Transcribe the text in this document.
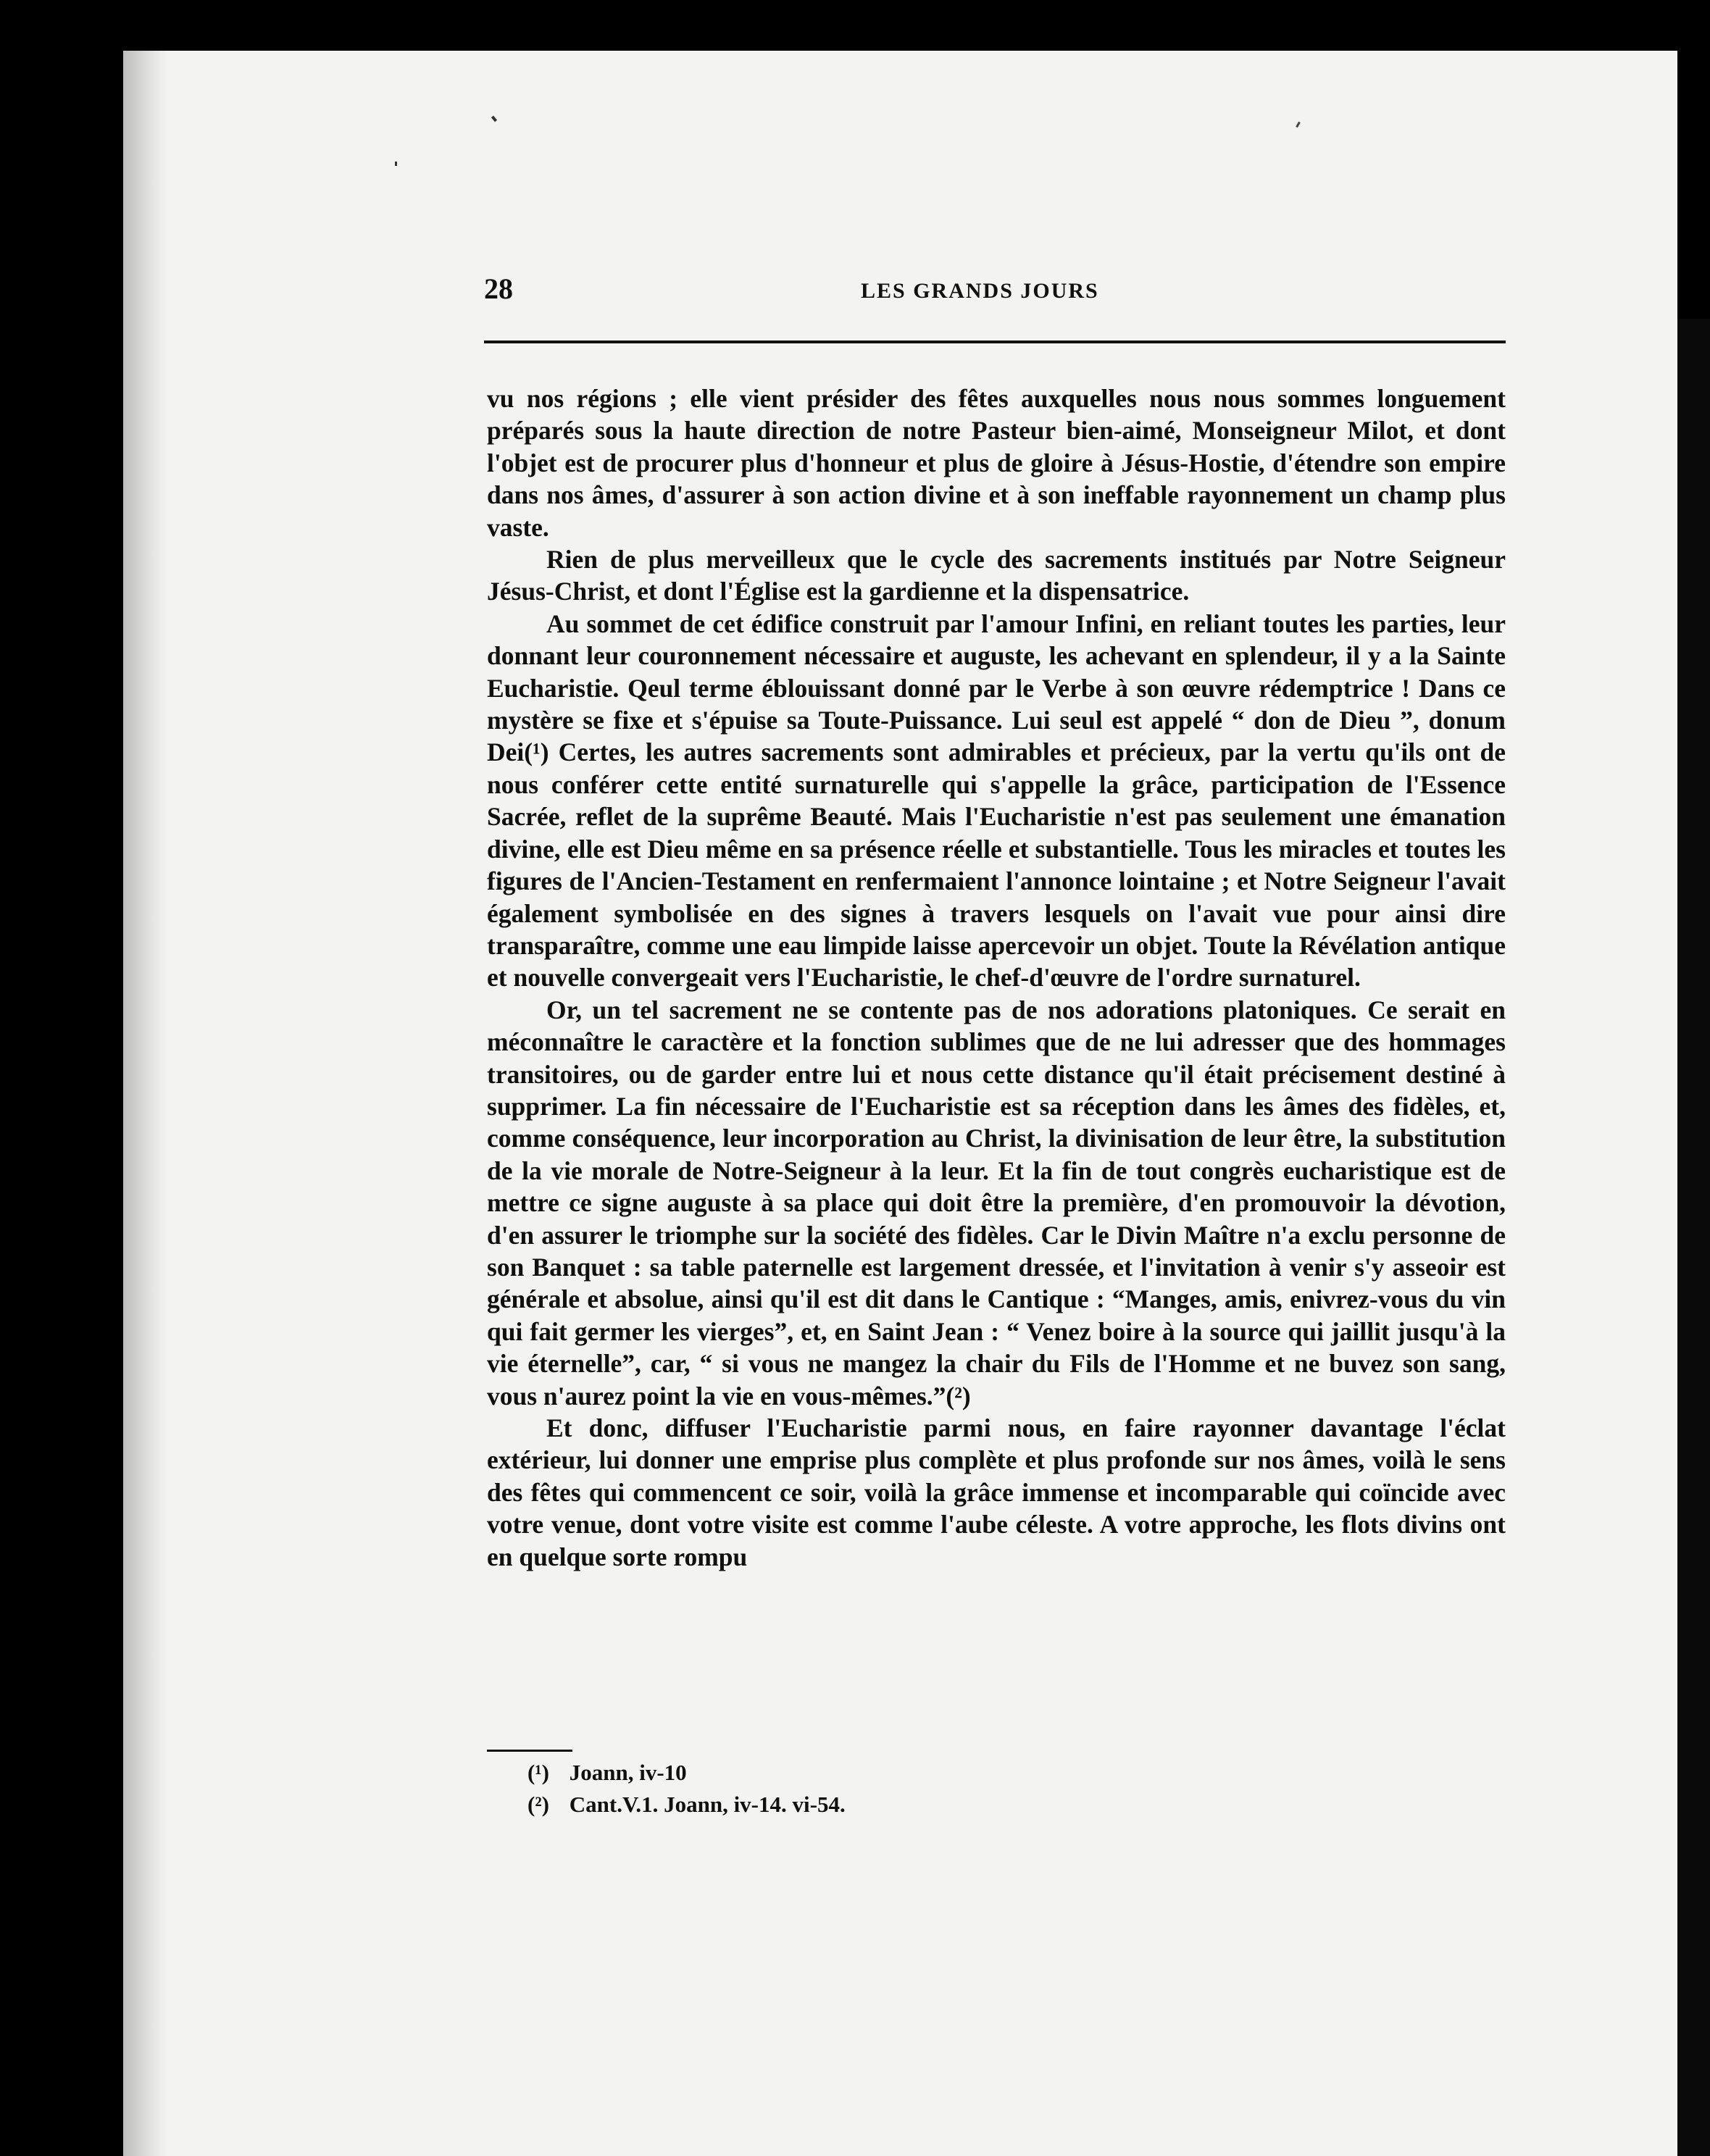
28	LES GRANDS JOURS

vu nos régions ; elle vient présider des fêtes auxquelles nous nous sommes longuement préparés sous la haute direction de notre Pasteur bien-aimé, Monseigneur Milot, et dont l'objet est de procurer plus d'honneur et plus de gloire à Jésus-Hostie, d'étendre son empire dans nos âmes, d'assurer à son action divine et à son ineffable rayonnement un champ plus vaste.

Rien de plus merveilleux que le cycle des sacrements institués par Notre Seigneur Jésus-Christ, et dont l'Église est la gardienne et la dispensatrice.

Au sommet de cet édifice construit par l'amour Infini, en reliant toutes les parties, leur donnant leur couronnement nécessaire et auguste, les achevant en splendeur, il y a la Sainte Eucharistie. Qeul terme éblouissant donné par le Verbe à son œuvre rédemptrice ! Dans ce mystère se fixe et s'épuise sa Toute-Puissance. Lui seul est appelé “ don de Dieu ”, donum Dei(¹) Certes, les autres sacrements sont admirables et précieux, par la vertu qu'ils ont de nous conférer cette entité surnaturelle qui s'appelle la grâce, participation de l'Essence Sacrée, reflet de la suprême Beauté. Mais l'Eucharistie n'est pas seulement une émanation divine, elle est Dieu même en sa présence réelle et substantielle. Tous les miracles et toutes les figures de l'Ancien-Testament en renfermaient l'annonce lointaine ; et Notre Seigneur l'avait également symbolisée en des signes à travers lesquels on l'avait vue pour ainsi dire transparaître, comme une eau limpide laisse apercevoir un objet. Toute la Révélation antique et nouvelle convergeait vers l'Eucharistie, le chef-d'œuvre de l'ordre surnaturel.

Or, un tel sacrement ne se contente pas de nos adorations platoniques. Ce serait en méconnaître le caractère et la fonction sublimes que de ne lui adresser que des hommages transitoires, ou de garder entre lui et nous cette distance qu'il était précisement destiné à supprimer. La fin nécessaire de l'Eucharistie est sa réception dans les âmes des fidèles, et, comme conséquence, leur incorporation au Christ, la divinisation de leur être, la substitution de la vie morale de Notre-Seigneur à la leur. Et la fin de tout congrès eucharistique est de mettre ce signe auguste à sa place qui doit être la première, d'en promouvoir la dévotion, d'en assurer le triomphe sur la société des fidèles. Car le Divin Maître n'a exclu personne de son Banquet : sa table paternelle est largement dressée, et l'invitation à venir s'y asseoir est générale et absolue, ainsi qu'il est dit dans le Cantique : “Manges, amis, enivrez-vous du vin qui fait germer les vierges”, et, en Saint Jean : “ Venez boire à la source qui jaillit jusqu'à la vie éternelle”, car, “ si vous ne mangez la chair du Fils de l'Homme et ne buvez son sang, vous n'aurez point la vie en vous-mêmes.”(²)

Et donc, diffuser l'Eucharistie parmi nous, en faire rayonner davantage l'éclat extérieur, lui donner une emprise plus complète et plus profonde sur nos âmes, voilà le sens des fêtes qui commencent ce soir, voilà la grâce immense et incomparable qui coïncide avec votre venue, dont votre visite est comme l'aube céleste. A votre approche, les flots divins ont en quelque sorte rompu

(¹) Joann, iv-10
(²) Cant.V.1. Joann, iv-14. vi-54.
